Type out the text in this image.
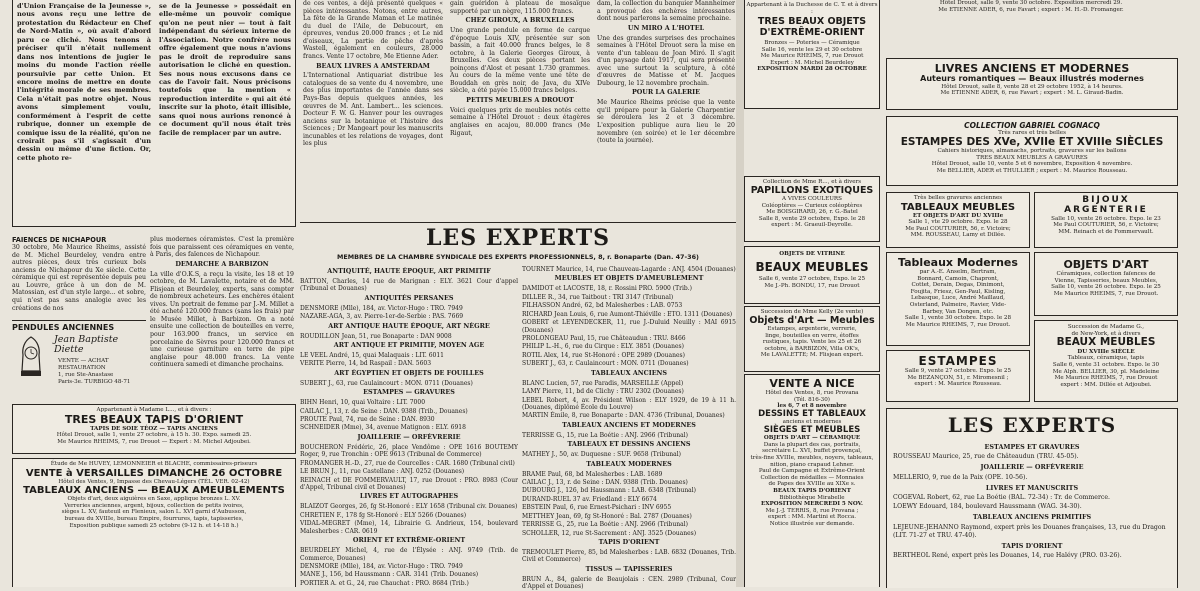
d'Union Française de la Jeunesse », nous avons reçu une lettre de protestation du Rédacteur en Chef de Nord-Matin », où avait d'abord paru ce cliché. Nous tenons à préciser qu'il n'était nullement dans nos intentions de jugier le moins du monde l'action réelle poursuivie par cette Union. Et encore moins de mettre en doute l'intégrité morale de ses membres. Cela n'était pas notre objet. Nous avons simplement voulu, conformément à l'esprit de cette rubrique, donner un exemple de comique issu de la réalité, qu'on ne croirait pas s'il s'agissait d'un dessin ou même d'une fiction. Or, cette photo re-
se de la Jeunesse » possédait en elle-même un pouvoir comique qu'on ne peut nier — tout à fait indépendant du sérieux interne de l'Association. Notre confrère nous offre également que nous n'avions pas le droit de reproduire sans autorisation le cliché en question. Ses nous nous excusons dans ce cas de l'avoir fait. Nous précisons toutefois que la mention « reproduction interdite » qui ait été inscrite sur la photo, était illisible, sans quoi nous aurions renoncé à ce document qu'il nous était très facile de remplacer par un autre.

de ces ventes, a déjà présenté quelques « pièces intéressantes. Notons, entre autres, La fête de la Grande Maman et Le matinée du duel de l'Aile, de Debucourt, en épreuves, vendus 20.000 francs ; et Le nid d'oiseaux, La partie de pêche d'après Wastell, également en couleurs, 28.000 francs. Vente 17 octobre, Me Etienne Ader.

BEAUX LIVRES A AMSTERDAM

L'International Antiquariat distribue les catalogues de sa vente du 4 novembre, une des plus importantes de l'année dans ses Pays-Bas depuis quelques années, les œuvres de M. Ant. Lambert... les sciences. Docteur F. W. G. Hanver pour les ouvrages anciens sur la botanique et l'histoire des Sciences ; Dr Mangeart pour les manuscrits incunables et les relations de voyages, dont les plus

gain guéridon à plateau de mosaïque supporté par un nègre, 115.000 francs.

CHEZ GIROUX, A BRUXELLES

Une grande pendule en forme de carque d'époque Louis XIV, présentée sur son bassin, a fait 40.000 francs belges, le 8 octobre, à la Galerie Georges Giroux, à Bruxelles. Ces deux pièces portant les poinçons d'Alost et pesant 1.730 grammes. Au cours de la même vente une tête de Bouddah en grès noir, de Java, du XIVe siècle, a été payée 15.000 francs belges.

PETITS MEUBLES A DROUOT

Voici quelques prix de meubles notés cette semaine à l'Hôtel Drouot : deux étagères anglaises en acajou, 80.000 francs (Me Rigaut,

dam, la collection du banquier Mannheimer a provoqué des enchères intéressantes dont nous parlerons la semaine prochaine.

UN MIRO A L'HOTEL

Une des grandes surprises des prochaines semaines à l'Hôtel Drouot sera la mise en vente d'un tableau de Joan Miró. Il s'agit d'un paysage daté 1917, qui sera présenté avec une surtout la sculpture, à côté d'œuvres de Matisse et M. Jacques Dubourg, le 12 novembre prochain.

POUR LA GALERIE

Me Maurice Rheims précise que la vente qu'il prépare pour la Galerie Charpentier se déroulera les 2 et 3 décembre. L'exposition publique aura lieu le 20 novembre (en soirée) et le 1er décembre (toute la journée).

LES EXPERTS
MEMBRES DE LA CHAMBRE SYNDICALE DES EXPERTS PROFESSIONNELS, 8, r. Bonaparte (Dan. 47-36)
ANTIQUITÉ, HAUTE ÉPOQUE, ART PRIMITIF
BATTON, Charles, 14 rue de Marignan : ELY. 3621 Cour d'appel (Tribunal et Douanes)
ANTIQUITÉS PERSANES
DENSMORE (Mlle), 184, av. Victor-Hugo : TRO. 7949
NAZARE-AGA, 3, av. Pierre-1er-de-Serbie : PAS. 7669
ART ANTIQUE HAUTE ÉPOQUE, ART NÈGRE
ROUDILLON Jean, 51, rue Bonaparte : DAN 9008
ART ANTIQUE ET PRIMITIF, MOYEN AGE
LE VEEL André, 15, quai Malaquais : LIT. 6011
VERITE Pierre, 14, bd Raspail : DAN. 5603
ART ÉGYPTIEN ET OBJETS DE FOUILLES
SUBERT J., 63, rue Caulaincourt : MON. 0711 (Douanes)
ESTAMPES — GRAVURES
BIHN Henri, 10, quai Voltaire : LIT. 7000
CAILAC J., 13, r. de Seine : DAN. 9388 (Trib., Douanes)
PROUTE Paul, 74, rue de Seine : DAN. 8930
SCHNEIDER (Mme), 34, avenue Matignon : ELY. 6918
JOAILLERIE — ORFÈVRERIE
BOUCHERON Frédéric, 26, place Vendôme : OPE 1616 BOUTEMY Roger, 9, rue Tronchin : OPE 9613 (Tribunal de Commerce)
FROMANGER H.-D., 27, rue de Courcelles : CAR. 1680 (Tribunal civil)
LE BRUN J., 11, rue Castellane : ANJ. 0252 (Douanes)
REINACH et DE FOMMERVAULT, 17, rue Drouot : PRO. 8983 (Cour d'Appel, Tribunal civil et Douanes)
LIVRES ET AUTOGRAPHES
BLAIZOT Georges, 26, fg St-Honoré : ELY 1658 (Tribunal civ. Douanes)
CHRETIEN F., 178 fg St-Honoré : ELY 5266 (Douanes)
VIDAL-MEGRET (Mme), 14, Librairie G. Andrieux, 154, boulevard Malesherbes : CAR. 0619
ORIENT ET EXTRÊME-ORIENT
BEURDELEY Michel, 4, rue de l'Élysée : ANJ. 9749 (Trib. de Commerce, Douanes)
DENSMORE (Mlle), 184, av. Victor-Hugo : TRO. 7949
MANE J., 156, bd Haussmann : CAR. 3141 (Trib. Douanes)
PORTIER A. et G., 24, rue Chauchat : PRO. 8684 (Trib.)
TOURNET Maurice, 14, rue Chauveau-Lagarde : ANJ. 4504 (Douanes)
MEUBLES ET OBJETS D'AMEUBLEMENT
DAMIDOT et LACOSTE, 18, r. Rossini PRO. 5900 (Trib.)
DILLEE R., 34, rue Taitbout : TRI 3147 (Tribunal)
FILHASSON André, 62, bd Malesherbes : LAB. 0753
RICHARD Jean Louis, 6, rue Aumont-Thiéville : ETO. 1311 (Douanes)
GOBERT et LEYENDECKER, 11, rue J.-Duluid Neuilly : MAI 6915 (Douanes)
PROLONGEAU Paul, 15, rue Châteaudun : TRU. 8466
PHILIP L.-H., 6, rue du Cirque : ELY. 3851 (Douanes)
ROTIL Alex, 14, rue St-Honoré : OPE 2989 (Douanes)
SUBERT J., 63, r. Caulaincourt : MON. 0711 (Douanes)
TABLEAUX ANCIENS
BLANC Lucien, 57, rue Paradis, MARSEILLE (Appel)
LAMY Pierre, 11, bd de Clichy : TRU 2302 (Douanes)
LEBEL Robert, 4, av. Président Wilson : ELY 1929, de 19 à 11 h. (Douanes, diplômé École du Louvre)
MARTIN Émile, 8, rue Bonaparte : DAN. 4736 (Tribunal, Douanes)
TABLEAUX ANCIENS ET MODERNES
TERRISSE G., 15, rue La Boétie : ANJ. 2966 (Tribunal)
TABLEAUX ET DESSINS ANCIENS
MATHEY J., 50, av. Duquesne : SUF. 9658 (Tribunal)
TABLEAUX MODERNES
BRAME Paul, 68, bd Malesherbes : LAB. 1689
CAILAC J., 13, r. de Seine : DAN. 9388 (Trib. Douanes)
DUBOURG J., 126, bd Haussmann : LAB. 6348 (Tribunal)
DURAND-RUEL 37 av. Friedland : ELY 6674
EBSTEIN Paul, 6, rue Ernest-Psichari : INV 6955
METTHEY Jean, 69, fg St-Honoré : Bal. 2787 (Douanes)
TERRISSE G., 25, rue La Boétie : ANJ. 2966 (Tribunal)
SCHOLLER, 12, rue St-Sacrement : ANJ. 3525 (Douanes)
TAPIS D'ORIENT
TREMOULET Pierre, 85, bd Malesherbes : LAB. 6832 (Douanes, Trib. Civil et Commerce)
TISSUS — TAPISSERIES
BRUN A., 84, galerie de Beaujolais : CEN. 2989 (Tribunal, Cour d'Appel et Douanes)
FAIENCES DE NICHAPOUR

30 octobre, Me Maurice Rheims, assisté de M. Michel Beurdeley, vendra entre autres pièces, deux très curieux bols anciens de Nichapour du Xe siècle. Cette céramique qui est représentée depuis peu au Louvre, grâce à un don de M. Matossian, est d'un style large... et sobre, qui n'est pas sans analogie avec les créations de nos

plus modernes céramistes. C'est la première fois que paraissent ces céramiques en vente, à Paris, des faïences de Nichapour.

DEMARCHE A BARBIZON

La ville d'O.K.S, a reçu la visite, les 18 et 19 octobre, de M. Lavalette, notaire et de MM. Flisjean et Beurdeley, experts, sans compter de nombreux acheteurs. Les enchères étaient vives. Un portrait de femme par J.-M. Millet a été acheté 120.000 francs (sans les frais) par le Musée Millet, à Barbizon. On a noté ensuite une collection de bouteilles en verre, pour 163.900 francs, un service en porcelaine de Sèvres pour 120.000 francs et une curieuse garniture en terre de pipe anglaise pour 48.000 francs. La vente continuera samedi et dimanche prochains.

PENDULES ANCIENNES
Jean Baptiste Diette
VENTE — ACHAT
RESTAURATION
1, rue Ste-Anastase
Paris-3e. TURBIGO 48-71
Appartenant à Madame L..., et à divers :
TRES BEAUX TAPIS D'ORIENT
TAPIS DE SOIE TÉOZ — TAPIS ANCIENS
Hôtel Drouot, salle 1, vente 27 octobre, à 15 h. 30. Expo. samedi 25.
Me Maurice RHEIMS, 7, rue Drouot — Expert : M. Michel Adjoubei.
Étude de Me HUVEY, LEMONNEIER et BLACHE, commissaires-priseurs
VENTE à VERSAILLES DIMANCHE 26 OCTOBRE
Hôtel des Ventes, 9, Impasse des Chevau-Légers (TÉL. VER. 02-42)
TABLEAUX ANCIENS — BEAUX AMEUBLEMENTS
Objets d'art, deux aiguières en Saxe, applique bronzes L. XV.
Verreries anciennes, argent, bijoux, collection de petits ivoires,
sièges L. XV, fauteuil en Flenieux, salon L. XVI garni d'Aubusson,
bureau du XVIIIe, bureau Empire, fourrures, tapis, tapisseries,
Exposition publique samedi 25 octobre (9-12 h. et 14-18 h.)
Appartenant à la Duchesse de C. T. et à divers :
TRES BEAUX OBJETS D'EXTRÊME-ORIENT
Bronzes — Poteries — Céramique
Salle 16, vente les 29 et 30 octobre
Me Maurice RHEIMS, 7, rue Drouot
Expert : M. Michel Beurdeley
EXPOSITION MARDI 28 OCTOBRE
Collection de Mme R..., et à divers
PAPILLONS EXOTIQUES
A VIVES COULEURS
Coléoptères — Curieux coléoptères
Me BOISGIRARD, 26, r. G.-Batel
Salle 8, vente 29 octobre, Expo. le 28
expert : M. Graeuil-Deyrolle.
OBJETS DE VITRINE
BEAUX MEUBLES
Salle 6, vente 27 octobre, Expo. le 25
Me J.-Ph. BONDU, 17, rue Drouot
Succession de Mme Kelly (2e vente)
Objets d'Art — Meubles
Estampes, argenterie, verrerie,
linge, bouteilles en verre, étoffes
rustiques, tapis. Vente les 25 et 26
octobre, à BARBIZON, Villa OK's,
Me LAVALETTE; M. Flisjean expert.
VENTE A NICE
Hôtel des Ventes, 8, rue Provana
(Tél. 816-30)
les 6, 7 et 8 novembre
DESSINS ET TABLEAUX
anciens et modernes
SIÈGES ET MEUBLES
OBJETS D'ART — CÉRAMIQUE
Dans la plupart des cas, portraits,
secrétaire L. XVI, buffet provençal,
très-fine XVIIIe, meubles, noyers, tableaux,
nition, piano crapaud Lehner.
Paul de Campagne et Extrême-Orient
Collection de médailles — Monnaies
de Papes des XVIIIe au XIXe s.
BEAUX TAPIS D'ORIENT
Bibliothèque Mirabelle
EXPOSITION MERCREDI 5 NOV.
Me J.-J. TERRIS, 8, rue Provana ;
expert : MM. Martini et Rocca.
Notice illustrée sur demande.
Hôtel Drouot, salle 9, vente 30 octobre. Exposition mercredi 29.
Me ETIENNE ADER, 6, rue Favart ; expert : M. H.-D. Fromanger.
LIVRES ANCIENS ET MODERNES
Auteurs romantiques — Beaux illustrés modernes
Hôtel Drouot, salle 8, vente 28 et 29 octobre 1952, à 14 heures.
Me ETIENNE ADER, 6, rue Favart ; expert : M. L. Giraud-Badin.
COLLECTION GABRIEL COGNACQ
Très rares et très belles
ESTAMPES DES XVe, XVIIe ET XVIIIe SIÈCLES
Cahiers historiques, almanachs, portraits, gravures sur les ballons
TRES BEAUX MEUBLES A GRAVURES
Hôtel Drouot, salle 10, vente 5 et 6 novembre, Exposition 4 novembre.
Me BELLIER, ADER et THULLIER ; expert : M. Maurice Rousseau.
Très belles gravures anciennes
TABLEAUX MEUBLES
ET OBJETS D'ART DU XVIIIe
Salle 1, vte 29 octobre. Expo. le 28
Me Paul COUTURIER, 56, r. Victoire;
MM. ROUSSEAU, Lamy et Dillée.
BIJOUX
ARGENTERIE
Salle 10, vente 26 octobre. Expo. le 23
Me Paul COUTURIER, 56, r. Victoire;
MM. Reinach et de Fommervault.
Tableaux Modernes
par A.-E. Anselm, Bertram,
Bonnard, Camoin, Chapront,
Cottet, Derain, Degas, Dinimont,
Foujita, Friesz, Gen-Paul, Kisling,
Lebasque, Luce, André Maillaud,
Osterland, Palmeire, Ravier, Vide-
Barbey, Van Dongen, etc.
Salle 1, vente 30 octobre. Expo. le 28
Me Maurice RHEIMS, 7, rue Drouot.
OBJETS D'ART
Céramiques, collection faïences de
Vienne, Tapisseries, beaux Meubles,
Salle 10, vente 26 octobre. Expo. le 25
Me Maurice RHEIMS, 7, rue Drouot.
ESTAMPES
Salle 9, vente 27 octobre. Expo. le 25
Me BEZANÇON, 51, r. Miromesnil ;
expert : M. Maurice Rousseau.
Succession de Madame G.,
de New-York, et à divers
BEAUX MEUBLES
DU XVIIIe SIÈCLE
Tableaux, céramique, tapis
Salle 6, vente 31 octobre. Expo. le 30
Me Alph. BELLIER, 30, pl. Madeleine
Me Maurice RHEIMS, 7, rue Drouot
expert : MM. Dillée et Adjoubei.
LES EXPERTS
ESTAMPES ET GRAVURES
ROUSSEAU Maurice, 25, rue de Châteaudun (TRU. 45-05).
JOAILLERIE — ORFÈVRERIE
MELLERIO, 9, rue de la Paix (OPE. 10-56).
LIVRES ET MANUSCRITS
COGEVAL Robert, 62, rue La Boétie (BAL. 72-34) : Tr. de Commerce.
LOEWY Edouard, 184, boulevard Haussmann (WAG. 34-30).
TABLEAUX ANCIENS PRIMITIFS
LEJEUNE-JEHANNO Raymond, expert près les Douanes françaises, 13, rue du Dragon (LIT. 71-27 et TRU. 47-40).
TAPIS D'ORIENT
BERTHEOL René, expert près les Douanes, 14, rue Halévy (PRO. 03-26).
